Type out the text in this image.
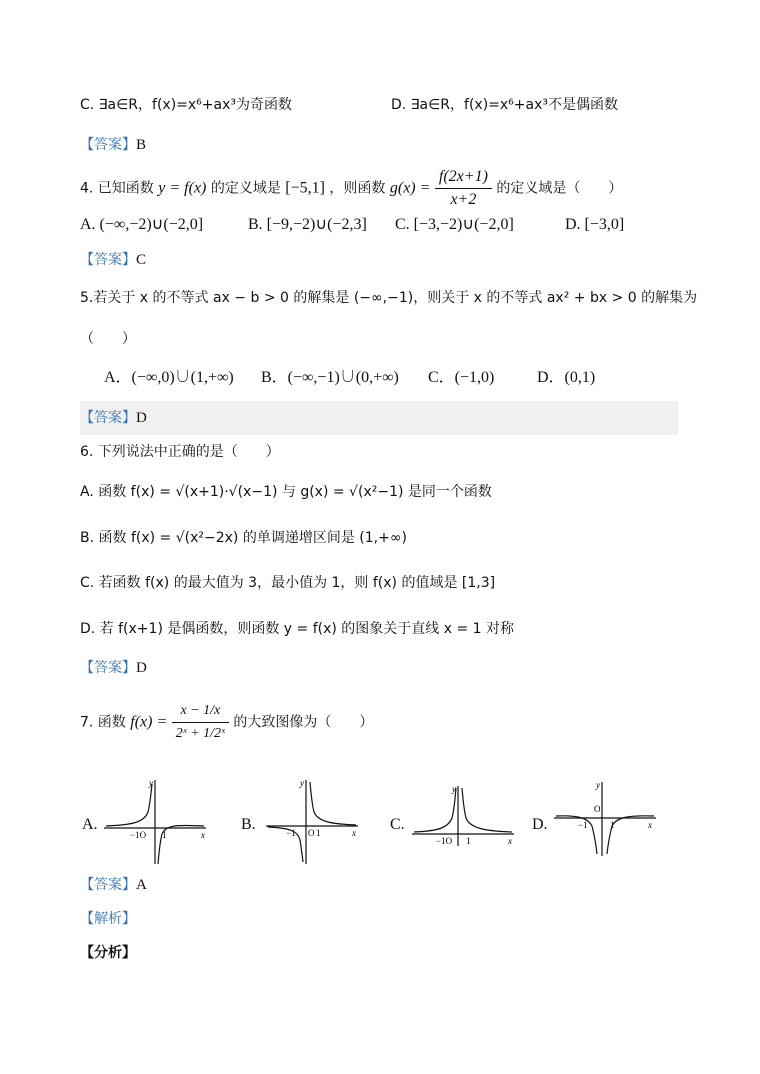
C. ∃a∈R，f(x)=x⁶+ax³为奇函数	D. ∃a∈R，f(x)=x⁶+ax³不是偶函数
【答案】B
4. 已知函数 y = f(x) 的定义域是 [−5,1] ，则函数 $g(x) = \frac{f(2x+1)}{x+2}$ 的定义域是（　　）
A. (−∞,−2)∪(−2,0]	B. [−9,−2)∪(−2,3] C. [−3,−2)∪(−2,0]	D. [−3,0]
【答案】C
5.若关于 x 的不等式 ax − b > 0 的解集是 (−∞,−1)，则关于 x 的不等式 ax² + bx > 0 的解集为
（　　）
A．(−∞,0)∪(1,+∞) B．(−∞,−1)∪(0,+∞) C．(−1,0)	D．(0,1)
【答案】D
6. 下列说法中正确的是（　　）
A. 函数 f(x) = √(x+1)·√(x−1) 与 g(x) = √(x²−1) 是同一个函数
B. 函数 f(x) = √(x²−2x) 的单调递增区间是 (1,+∞)
C. 若函数 f(x) 的最大值为 3，最小值为 1，则 f(x) 的值域是 [1,3]
D. 若 f(x+1) 是偶函数，则函数 y = f(x) 的图象关于直线 x = 1 对称
【答案】D
7. 函数 $f(x) = \frac{x - 1/x}{\text{2ˣ + 1/2ˣ}}$ 的大致图像为（　　）
A.
y
x
−1O 1
B.
y
x
−1 O 1	C.
y
x
−1O 1
D.
y
x
O
−1 1
【答案】A
【解析】
【分析】
